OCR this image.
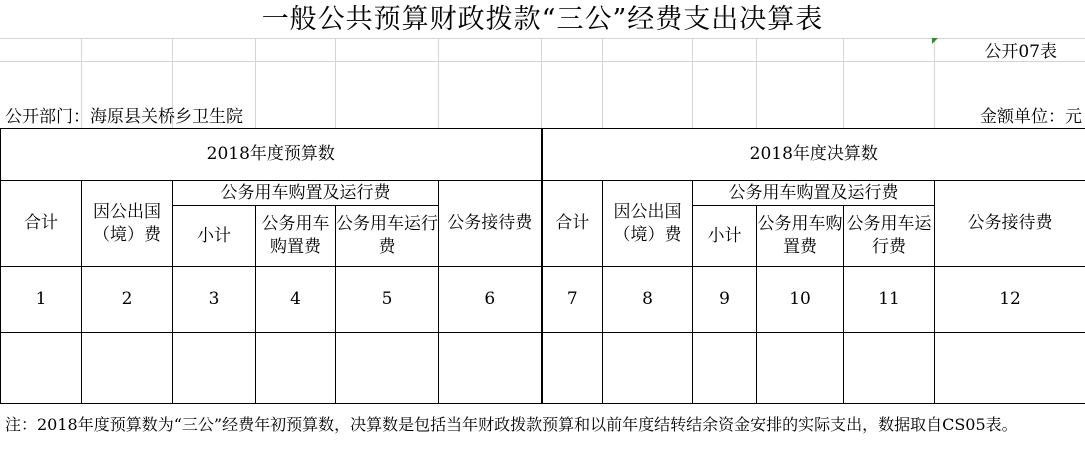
一般公共预算财政拨款“三公”经费支出决算表
公开07表
公开部门：海原县关桥乡卫生院	金额单位：元
2018年度预算数						2018年度决算数					
合计	因公出国（境）费	公务用车购置及运行费			公务接待费	合计	因公出国（境）费	公务用车购置及运行费			公务接待费
		小计	公务用车购置费	公务用车运行费				小计	公务用车购置费	公务用车运行费	
1	2	3	4	5	6	7	8	9	10	11	12

注：2018年度预算数为“三公”经费年初预算数，决算数是包括当年财政拨款预算和以前年度结转结余资金安排的实际支出，数据取自CS05表。
